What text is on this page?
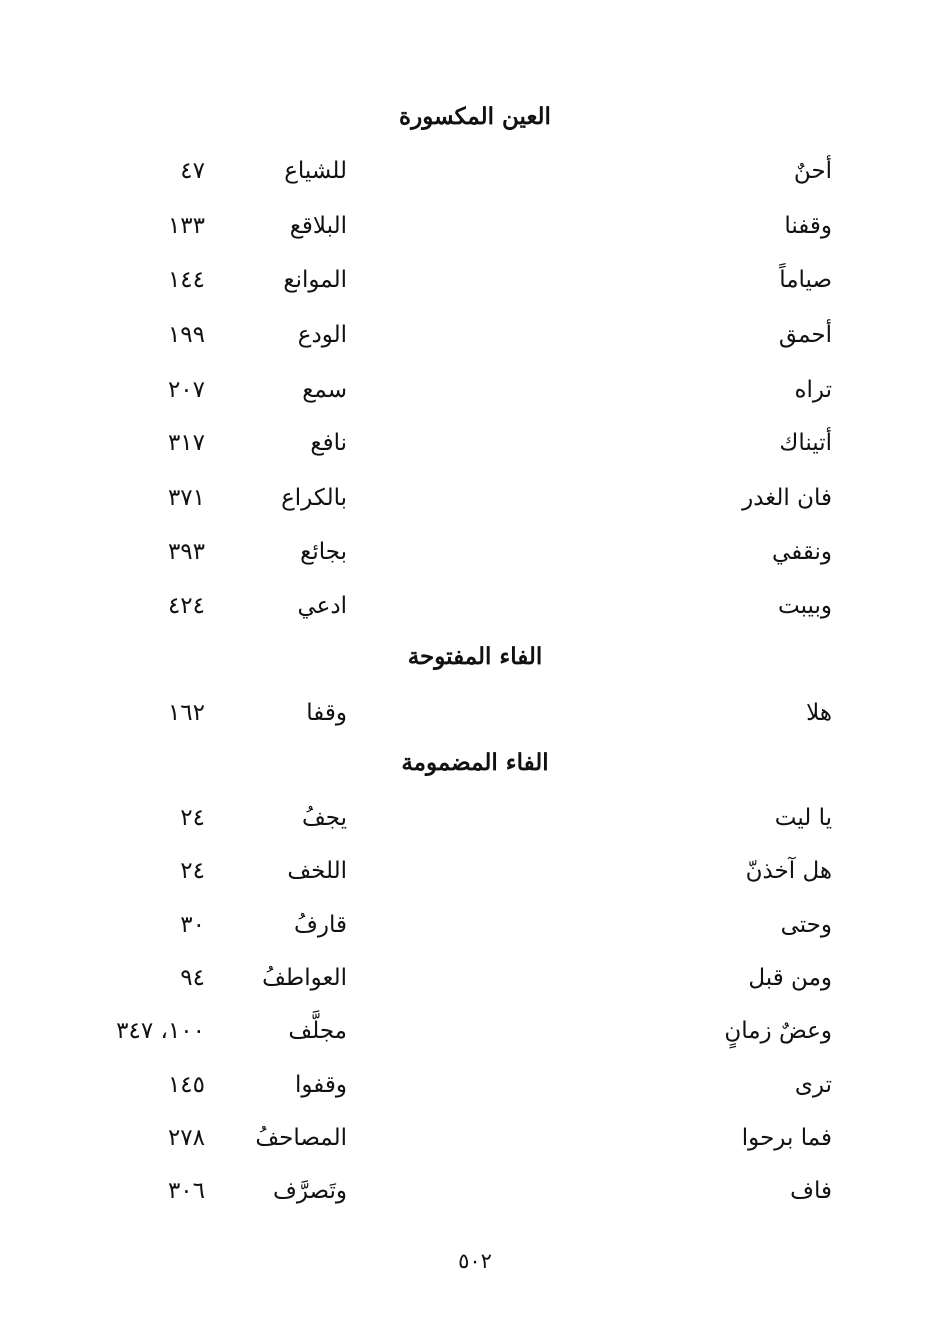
العين المكسورة
أحنٌ
للشياع
٤٧
وقفنا
البلاقع
١٣٣
صياماً
الموانع
١٤٤
أحمق
الودع
١٩٩
تراه
سمع
٢٠٧
أتيناك
نافع
٣١٧
فان الغدر
بالكراع
٣٧١
ونقفي
بجائع
٣٩٣
وبيبت
ادعي
٤٢٤
الفاء المفتوحة
هلا
وقفا
١٦٢
الفاء المضمومة
يا ليت
يجفُ
٢٤
هل آخذنّ
اللخف
٢٤
وحتى
قارفُ
٣٠
ومن قبل
العواطفُ
٩٤
وعضٌ زمانٍ
مجلَّف
١٠٠، ٣٤٧
ترى
وقفوا
١٤٥
فما برحوا
المصاحفُ
٢٧٨
فاف
وتَصرَّف
٣٠٦
٥٠٢
